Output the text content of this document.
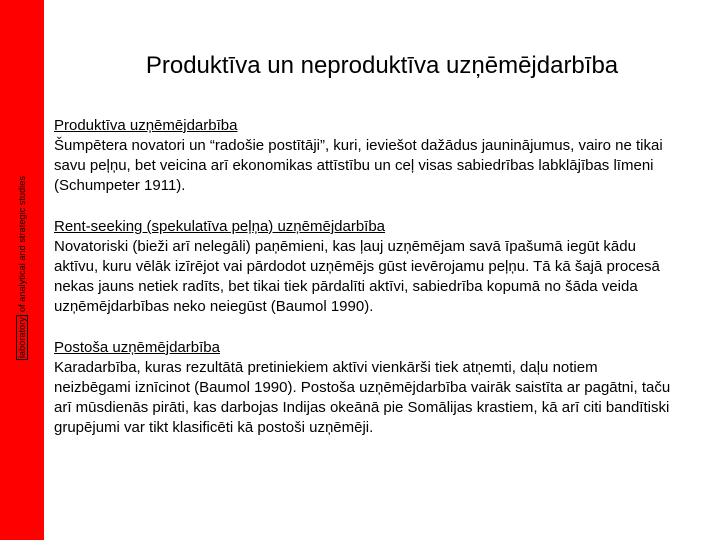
laboratoryof analytical and strategic studies
Produktīva un neproduktīva uzņēmējdarbība
Produktīva uzņēmējdarbība
Šumpētera novatori un “radošie postītāji”, kuri, ieviešot dažādus jauninājumus, vairo ne tikai savu peļņu, bet veicina arī ekonomikas attīstību un ceļ visas sabiedrības labklājības līmeni (Schumpeter 1911).
Rent-seeking (spekulatīva peļņa) uzņēmējdarbība
Novatoriski (bieži arī nelegāli) paņēmieni, kas ļauj uzņēmējam savā īpašumā iegūt kādu aktīvu, kuru vēlāk izīrējot vai pārdodot uzņēmējs gūst ievērojamu peļņu. Tā kā šajā procesā nekas jauns netiek radīts, bet tikai tiek pārdalīti aktīvi, sabiedrība kopumā no šāda veida uzņēmējdarbības neko neiegūst (Baumol 1990).
Postoša uzņēmējdarbība
Karadarbība, kuras rezultātā pretiniekiem aktīvi vienkārši tiek atņemti, daļu notiem neizbēgami iznīcinot (Baumol 1990). Postoša uzņēmējdarbība vairāk saistīta ar pagātni, taču arī mūsdienās pirāti, kas darbojas Indijas okeānā pie Somālijas krastiem, kā arī citi bandītiski grupējumi var tikt klasificēti kā postoši uzņēmēji.
